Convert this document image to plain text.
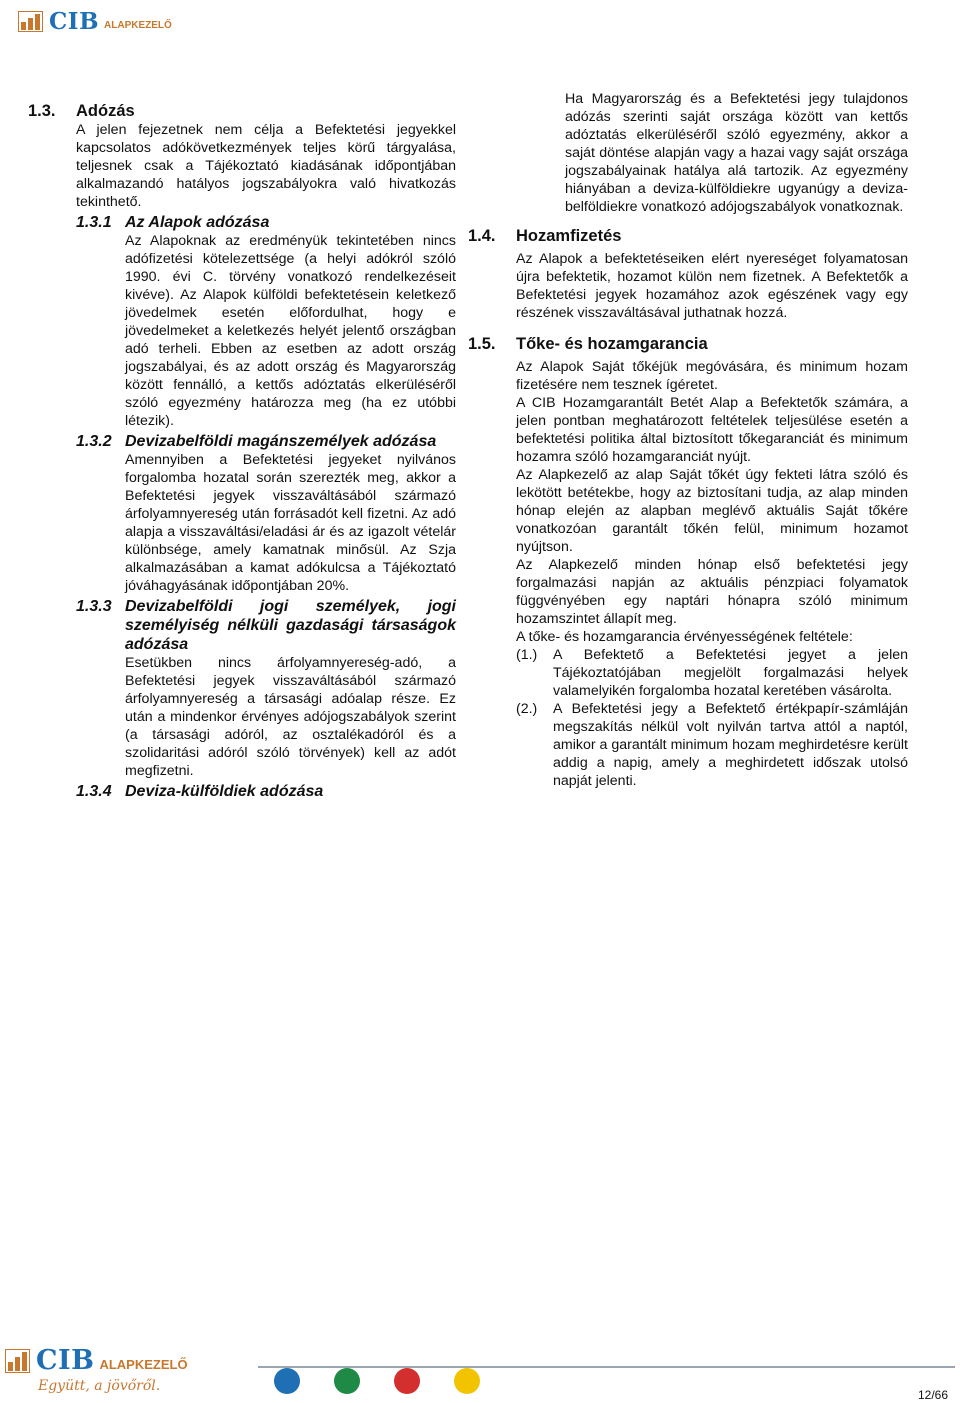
CIB ALAPKEZELŐ
1.3.	Adózás

A jelen fejezetnek nem célja a Befektetési jegyekkel kapcsolatos adókövetkezmények teljes körű tárgyalása, teljesnek csak a Tájékoztató kiadásának időpontjában alkalmazandó hatályos jogszabályokra való hivatkozás tekinthető.

1.3.1 Az Alapok adózása

Az Alapoknak az eredményük tekintetében nincs adófizetési kötelezettsége (a helyi adókról szóló 1990. évi C. törvény vonatkozó rendelkezéseit kivéve). Az Alapok külföldi befektetésein keletkező jövedelmek esetén előfordulhat, hogy e jövedelmeket a keletkezés helyét jelentő országban adó terheli. Ebben az esetben az adott ország jogszabályai, és az adott ország és Magyarország között fennálló, a kettős adóztatás elkerüléséről szóló egyezmény határozza meg (ha ez utóbbi létezik).

1.3.2 Devizabelföldi magánszemélyek adózása

Amennyiben a Befektetési jegyeket nyilvános forgalomba hozatal során szerezték meg, akkor a Befektetési jegyek visszaváltásából származó árfolyamnyereség után forrásadót kell fizetni. Az adó alapja a visszaváltási/eladási ár és az igazolt vételár különbsége, amely kamatnak minősül. Az Szja alkalmazásában a kamat adókulcsa a Tájékoztató jóváhagyásának időpontjában 20%.

1.3.3 Devizabelföldi jogi személyek, jogi személyiség nélküli gazdasági társaságok adózása

Esetükben nincs árfolyamnyereség-adó, a Befektetési jegyek visszaváltásából származó árfolyamnyereség a társasági adóalap része. Ez után a mindenkor érvényes adójogszabályok szerint (a társasági adóról, az osztalékadóról és a szolidaritási adóról szóló törvények) kell az adót megfizetni.

1.3.4 Deviza-külföldiek adózása

Ha Magyarország és a Befektetési jegy tulajdonos adózás szerinti saját országa között van kettős adóztatás elkerüléséről szóló egyezmény, akkor a saját döntése alapján vagy a hazai vagy saját országa jogszabályainak hatálya alá tartozik. Az egyezmény hiányában a deviza-külföldiekre ugyanúgy a deviza-belföldiekre vonatkozó adójogszabályok vonatkoznak.

1.4.	Hozamfizetés

Az Alapok a befektetéseiken elért nyereséget folyamatosan újra befektetik, hozamot külön nem fizetnek. A Befektetők a Befektetési jegyek hozamához azok egészének vagy egy részének visszaváltásával juthatnak hozzá.

1.5.	Tőke- és hozamgarancia

Az Alapok Saját tőkéjük megóvására, és minimum hozam fizetésére nem tesznek ígéretet.

A CIB Hozamgarantált Betét Alap a Befektetők számára, a jelen pontban meghatározott feltételek teljesülése esetén a befektetési politika által biztosított tőkegaranciát és minimum hozamra szóló hozamgaranciát nyújt.

Az Alapkezelő az alap Saját tőkét úgy fekteti látra szóló és lekötött betétekbe, hogy az biztosítani tudja, az alap minden hónap elején az alapban meglévő aktuális Saját tőkére vonatkozóan garantált tőkén felül, minimum hozamot nyújtson.

Az Alapkezelő minden hónap első befektetési jegy forgalmazási napján az aktuális pénzpiaci folyamatok függvényében egy naptári hónapra szóló minimum hozamszintet állapít meg.

A tőke- és hozamgarancia érvényességének feltétele:

(1.)	A Befektető a Befektetési jegyet a jelen Tájékoztatójában megjelölt forgalmazási helyek valamelyikén forgalomba hozatal keretében vásárolta.
(2.)	A Befektetési jegy a Befektető értékpapír-számláján megszakítás nélkül volt nyilván tartva attól a naptól, amikor a garantált minimum hozam meghirdetésre került addig a napig, amely a meghirdetett időszak utolsó napját jelenti.
CIB ALAPKEZELŐ
Együtt, a jövőről.
12/66
